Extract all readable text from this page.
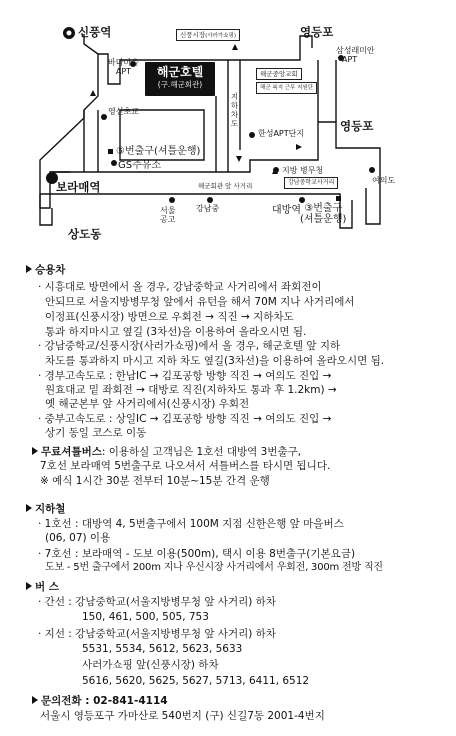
신풍역	영등포
신풍시장(사러가쇼핑)
삼성래미안
APT
바다마을
APT	해군호텔
(구.해군회관)
해군중앙교회
해군 복지 근무 지원단
지하차도
영신초교
한성APT단지
영등포
⑤번출구(셔틀운행)
GS주유소	지방 병무청
여의도
보라매역	해군회관 앞 사거리	강남중학교사거리
서울
공고
강남중	대방역 ③번출구
(셔틀운행)
상도동
승용차
· 시흥대로 방면에서 올 경우, 강남중학교 사거리에서 좌회전이
안되므로 서울지방병무청 앞에서 유턴을 해서 70M 지나 사거리에서
이정표(신풍시장) 방면으로 우회전 → 직진 → 지하차도
통과 하지마시고 옆길 (3차선)을 이용하여 올라오시면 됨.
· 강남중학교/신풍시장(사러가쇼핑)에서 올 경우, 해군호텔 앞 지하
차도를 통과하지 마시고 지하 차도 옆길(3차선)을 이용하여 올라오시면 됨.
· 경부고속도로 : 한남IC → 김포공항 방향 직진 → 여의도 진입 →
원효대교 밑 좌회전 → 대방로 직진(지하차도 통과 후 1.2km) →
옛 해군본부 앞 사거리에서(신풍시장) 우회전
· 중부고속도로 : 상일IC → 김포공항 방향 직진 → 여의도 진입 →
상기 동일 코스로 이동
무료셔틀버스: 이용하실 고객님은 1호선 대방역 3번출구,
7호선 보라매역 5번출구로 나오셔서 셔틀버스를 타시면 됩니다.
※ 예식 1시간 30분 전부터 10분~15분 간격 운행
지하철
· 1호선 : 대방역 4, 5번출구에서 100M 지점 신한은행 앞 마을버스
(06, 07) 이용
· 7호선 : 보라매역 - 도보 이용(500m), 택시 이용 8번출구(기본요금)
도보 - 5번 출구에서 200m 지나 우신시장 사거리에서 우회전, 300m 전방 직진
버 스
· 간선 : 강남중학교(서울지방병무청 앞 사거리) 하차
150, 461, 500, 505, 753
· 지선 : 강남중학교(서울지방병무청 앞 사거리) 하차
5531, 5534, 5612, 5623, 5633
사러가쇼핑 앞(신풍시장) 하차
5616, 5620, 5625, 5627, 5713, 6411, 6512
문의전화 : 02-841-4114
서울시 영등포구 가마산로 540번지 (구) 신길7동 2001-4번지
